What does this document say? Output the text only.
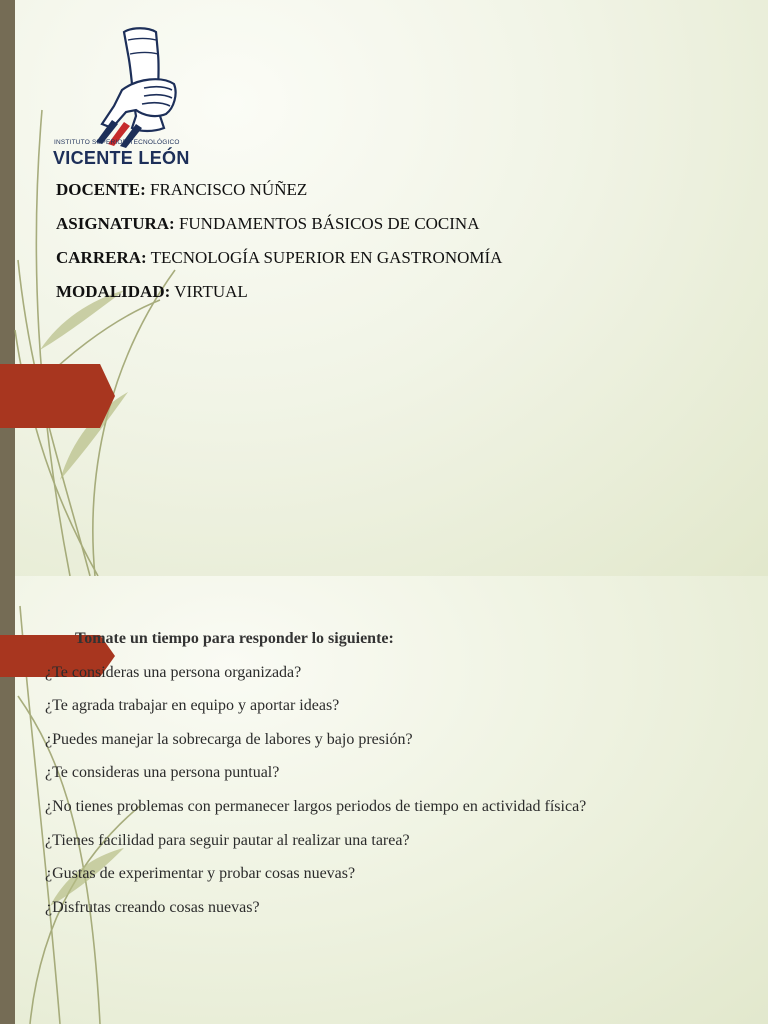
INSTITUTO SUPERIOR TECNOLÓGICO
VICENTE LEÓN
DOCENTE: FRANCISCO NÚÑEZ
ASIGNATURA: FUNDAMENTOS BÁSICOS DE COCINA
CARRERA: TECNOLOGÍA SUPERIOR EN GASTRONOMÍA
MODALIDAD: VIRTUAL
▶ Tomate un tiempo para responder lo siguiente:
¿Te consideras una persona organizada?
¿Te agrada trabajar en equipo y aportar ideas?
¿Puedes manejar la sobrecarga de labores y bajo presión?
¿Te consideras una persona puntual?
¿No tienes problemas con permanecer largos periodos de tiempo en actividad física?
¿Tienes facilidad para seguir pautar al realizar una tarea?
¿Gustas de experimentar y probar cosas nuevas?
¿Disfrutas creando cosas nuevas?
